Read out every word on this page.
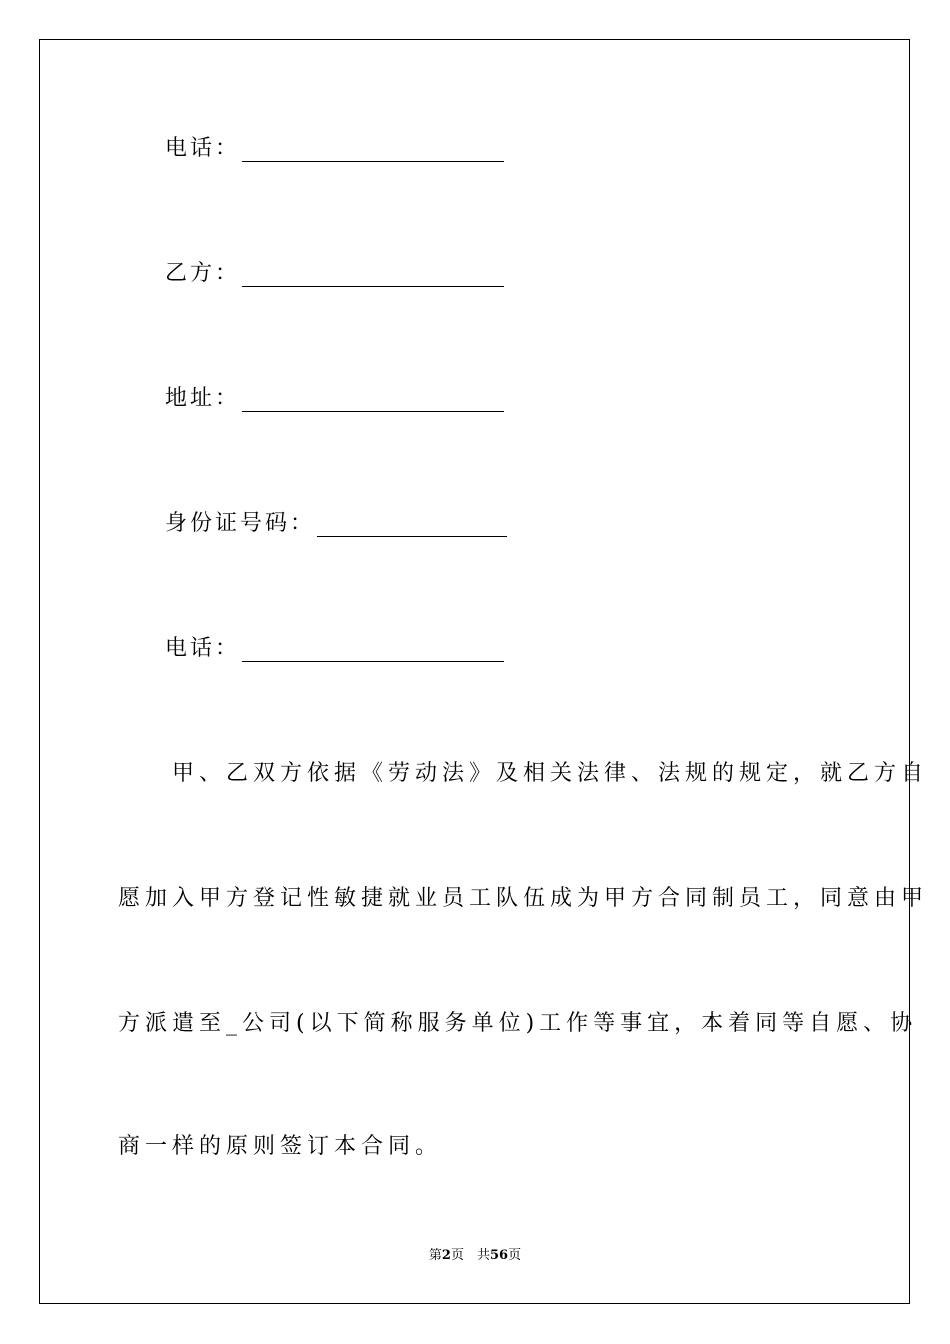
电话：
乙方：
地址：
身份证号码：
电话：
　　甲、乙双方依据《劳动法》及相关法律、法规的规定，就乙方自
愿加入甲方登记性敏捷就业员工队伍成为甲方合同制员工，同意由甲
方派遣至_公司(以下简称服务单位)工作等事宜，本着同等自愿、协
商一样的原则签订本合同。
第2页　共56页
